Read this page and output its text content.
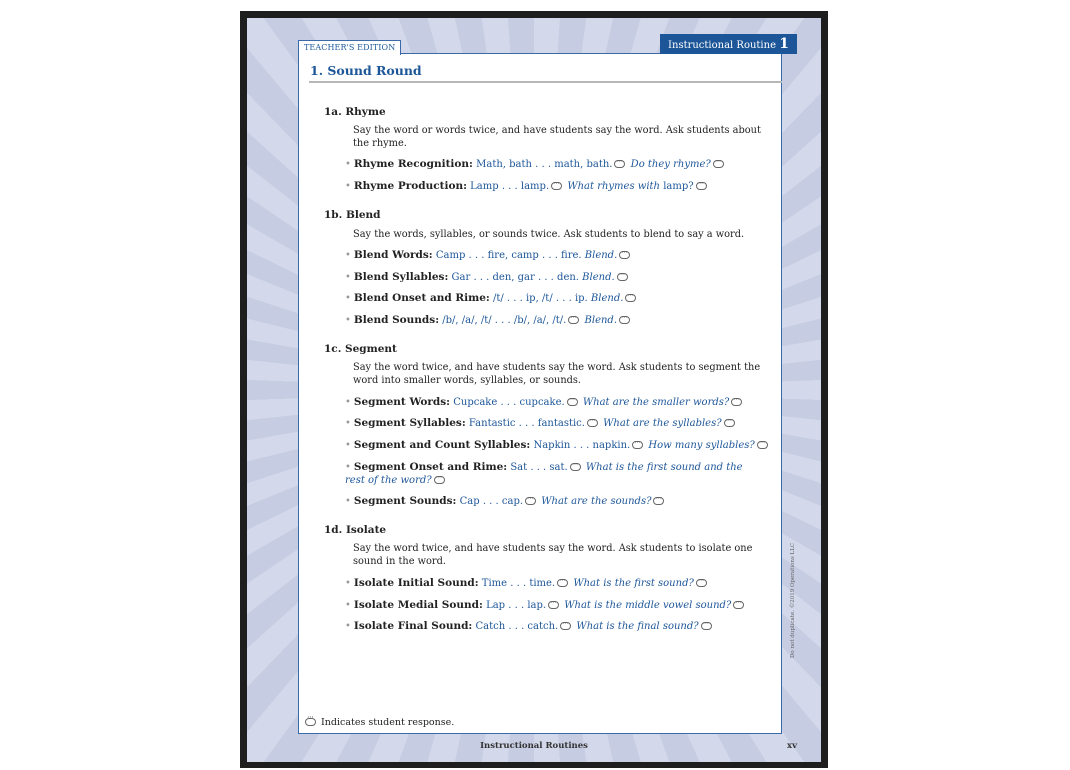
TEACHER'S EDITION	Instructional Routine 1
1. Sound Round
1a. Rhyme
Say the word or words twice, and have students say the word. Ask students about the rhyme.
• Rhyme Recognition: Math, bath . . . math, bath. ··· Do they rhyme?···
• Rhyme Production: Lamp . . . lamp. ··· What rhymes with lamp?···
1b. Blend
Say the words, syllables, or sounds twice. Ask students to blend to say a word.
• Blend Words: Camp . . . fire, camp . . . fire. Blend.···
• Blend Syllables: Gar . . . den, gar . . . den. Blend.···
• Blend Onset and Rime: /t/ . . . ip, /t/ . . . ip. Blend.···
• Blend Sounds: /b/, /a/, /t/ . . . /b/, /a/, /t/. ··· Blend.···
1c. Segment
Say the word twice, and have students say the word. Ask students to segment the word into smaller words, syllables, or sounds.
• Segment Words: Cupcake . . . cupcake. ··· What are the smaller words?···
• Segment Syllables: Fantastic . . . fantastic. ··· What are the syllables?···
• Segment and Count Syllables: Napkin . . . napkin. ··· How many syllables?···
• Segment Onset and Rime: Sat . . . sat. ··· What is the first sound and the rest of the word?···
• Segment Sounds: Cap . . . cap. ··· What are the sounds?···
1d. Isolate
Say the word twice, and have students say the word. Ask students to isolate one sound in the word.
• Isolate Initial Sound: Time . . . time. ··· What is the first sound?···
• Isolate Medial Sound: Lap . . . lap. ··· What is the middle vowel sound?···
• Isolate Final Sound: Catch . . . catch. ··· What is the final sound?···
··· Indicates student response.
Do not duplicate. ©2019 Operations LLC
Instructional Routines	xv
